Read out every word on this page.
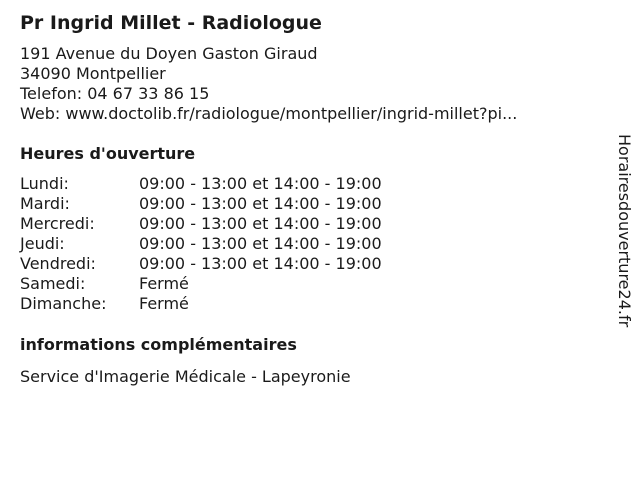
Pr Ingrid Millet - Radiologue
191 Avenue du Doyen Gaston Giraud
34090 Montpellier
Telefon: 04 67 33 86 15
Web: www.doctolib.fr/radiologue/montpellier/ingrid-millet?pi...
Heures d'ouverture
Lundi:	09:00 - 13:00 et 14:00 - 19:00
Mardi:	09:00 - 13:00 et 14:00 - 19:00
Mercredi:	09:00 - 13:00 et 14:00 - 19:00
Jeudi:	09:00 - 13:00 et 14:00 - 19:00
Vendredi:	09:00 - 13:00 et 14:00 - 19:00
Samedi:	Fermé
Dimanche: Fermé
informations complémentaires
Service d'Imagerie Médicale - Lapeyronie
Horairesdouverture24.fr
